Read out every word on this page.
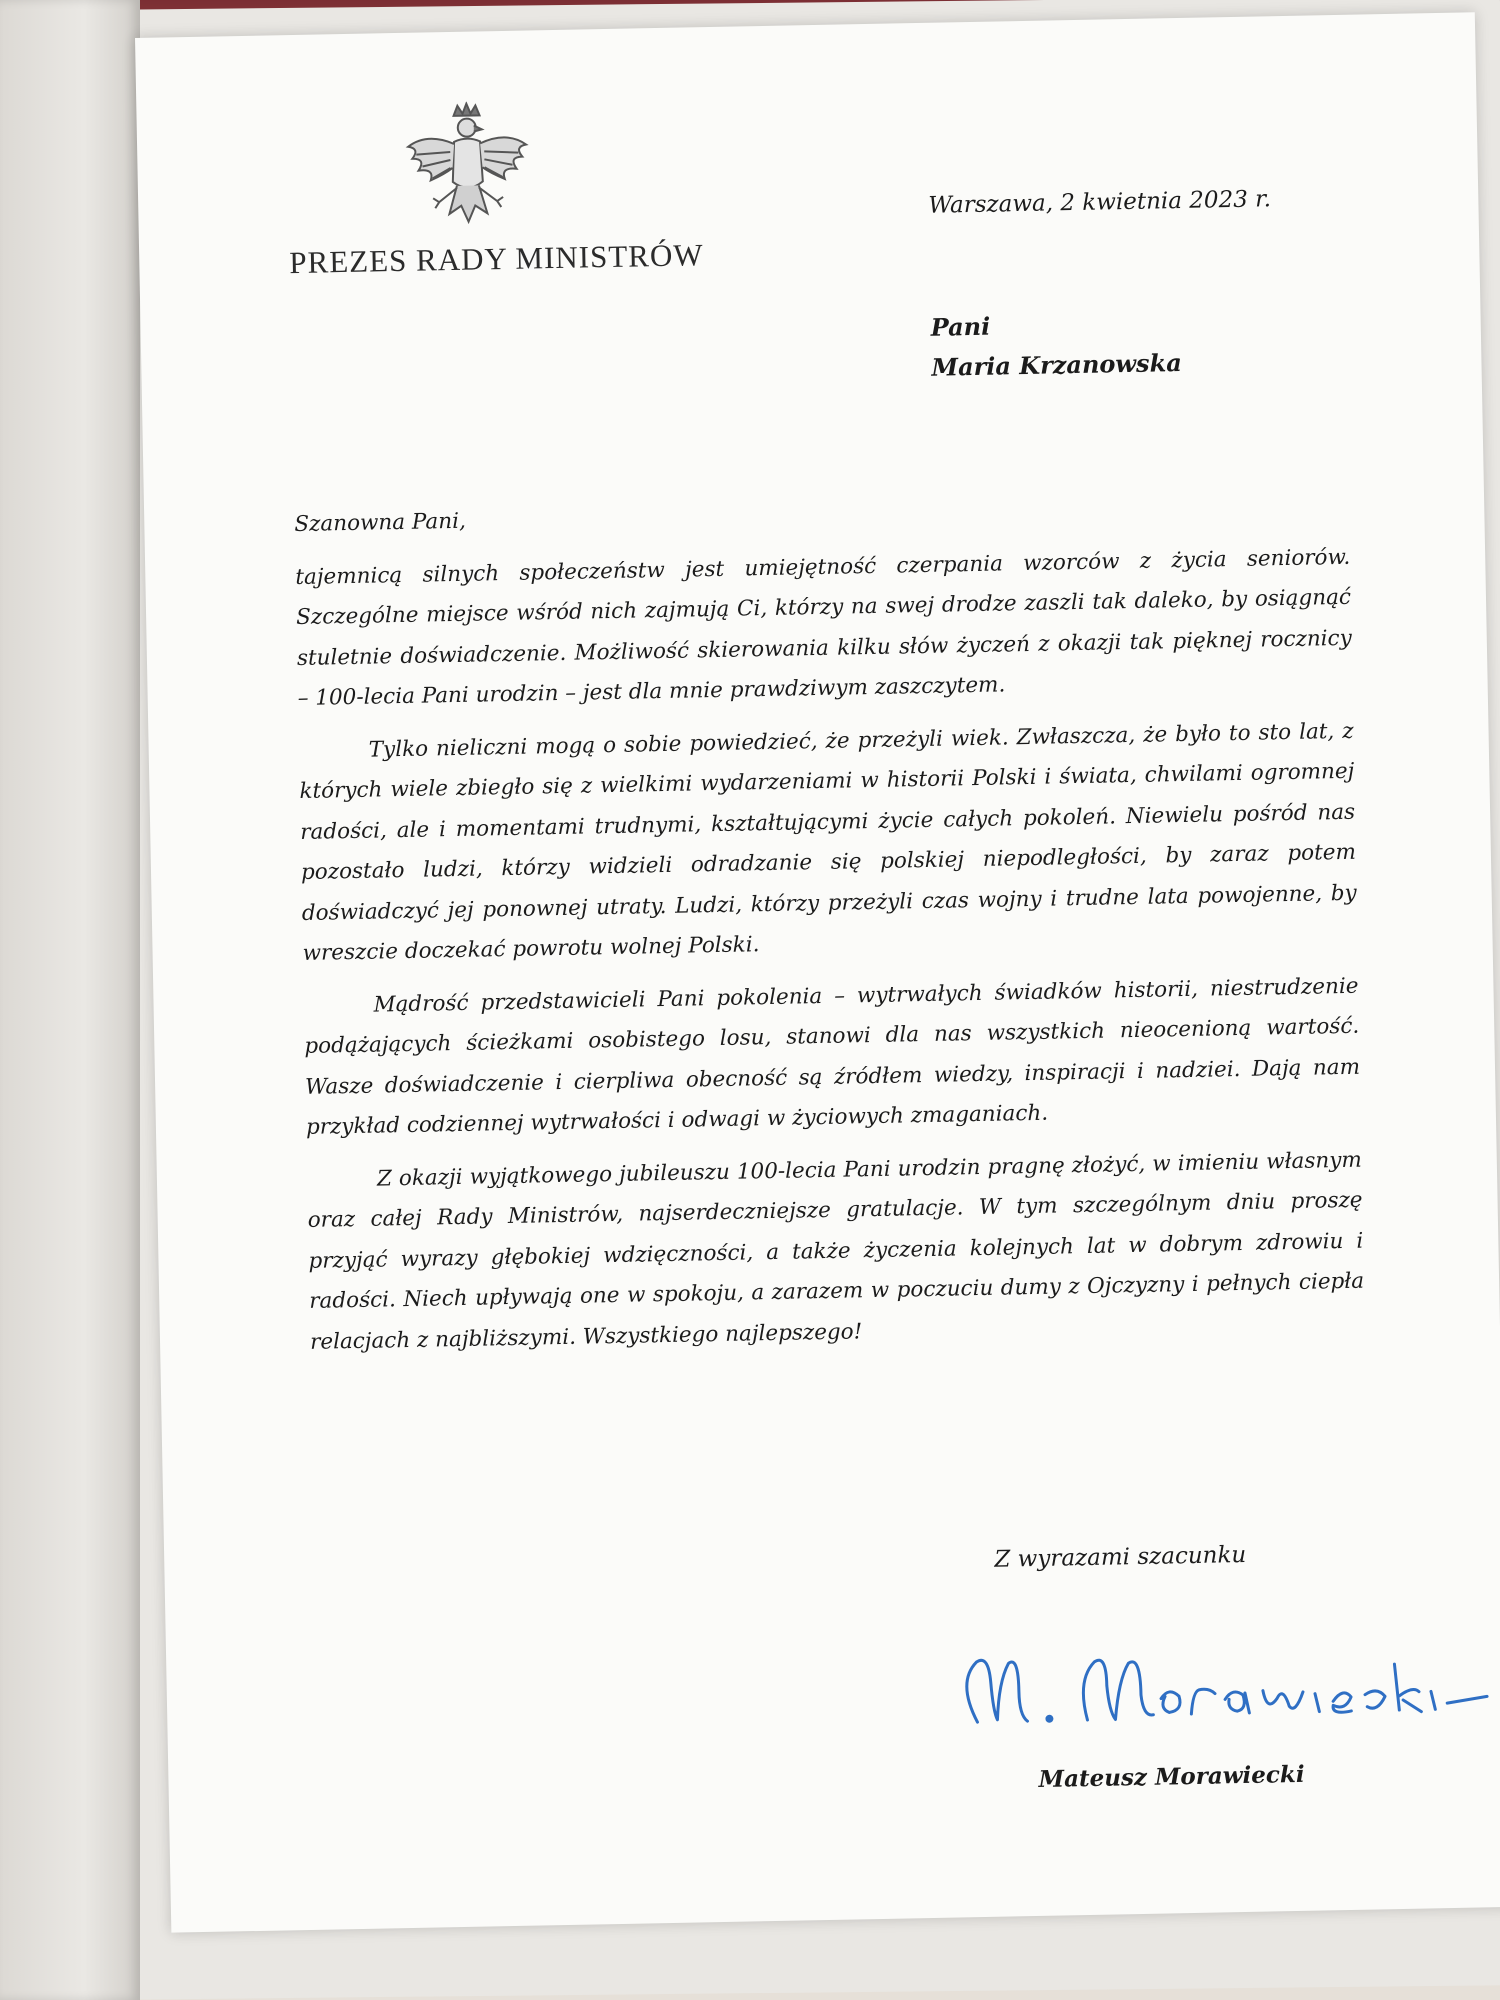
PREZES RADY MINISTRÓW
Warszawa, 2 kwietnia 2023 r.
Pani
Maria Krzanowska

Szanowna Pani,

tajemnicą silnych społeczeństw jest umiejętność czerpania wzorców z życia seniorów. Szczególne miejsce wśród nich zajmują Ci, którzy na swej drodze zaszli tak daleko, by osiągnąć stuletnie doświadczenie. Możliwość skierowania kilku słów życzeń z okazji tak pięknej rocznicy – 100-lecia Pani urodzin – jest dla mnie prawdziwym zaszczytem.

Tylko nieliczni mogą o sobie powiedzieć, że przeżyli wiek. Zwłaszcza, że było to sto lat, z których wiele zbiegło się z wielkimi wydarzeniami w historii Polski i świata, chwilami ogromnej radości, ale i momentami trudnymi, kształtującymi życie całych pokoleń. Niewielu pośród nas pozostało ludzi, którzy widzieli odradzanie się polskiej niepodległości, by zaraz potem doświadczyć jej ponownej utraty. Ludzi, którzy przeżyli czas wojny i trudne lata powojenne, by wreszcie doczekać powrotu wolnej Polski.

Mądrość przedstawicieli Pani pokolenia – wytrwałych świadków historii, niestrudzenie podążających ścieżkami osobistego losu, stanowi dla nas wszystkich nieocenioną wartość. Wasze doświadczenie i cierpliwa obecność są źródłem wiedzy, inspiracji i nadziei. Dają nam przykład codziennej wytrwałości i odwagi w życiowych zmaganiach.

Z okazji wyjątkowego jubileuszu 100-lecia Pani urodzin pragnę złożyć, w imieniu własnym oraz całej Rady Ministrów, najserdeczniejsze gratulacje. W tym szczególnym dniu proszę przyjąć wyrazy głębokiej wdzięczności, a także życzenia kolejnych lat w dobrym zdrowiu i radości. Niech upływają one w spokoju, a zarazem w poczuciu dumy z Ojczyzny i pełnych ciepła relacjach z najbliższymi. Wszystkiego najlepszego!

Z wyrazami szacunku
Mateusz Morawiecki
